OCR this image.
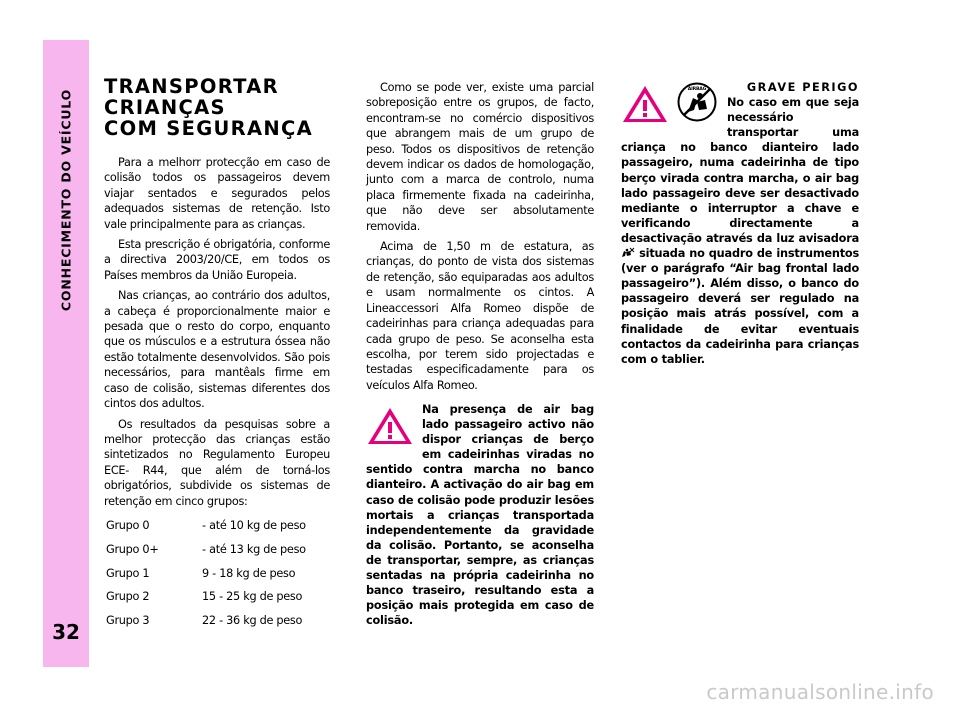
CONHECIMENTO DO VEÍCULO
32
TRANSPORTAR
CRIANÇAS
COM SEGURANÇA

Para a melhorr protecção em caso de colisão todos os passageiros devem viajar sentados e segurados pelos adequados sistemas de retenção. Isto vale principalmente para as crianças.

Esta prescrição é obrigatória, conforme a directiva 2003/20/CE, em todos os Países membros da União Europeia.

Nas crianças, ao contrário dos adultos, a cabeça é proporcionalmente maior e pesada que o resto do corpo, enquanto que os músculos e a estrutura óssea não estão totalmente desenvolvidos. São pois necessários, para mantêals firme em caso de colisão, sistemas diferentes dos cintos dos adultos.

Os resultados da pesquisas sobre a melhor protecção das crianças estão sintetizados no Regulamento Europeu ECE- R44, que além de torná-los obrigatórios, subdivide os sistemas de retenção em cinco grupos:

Grupo 0	- até 10 kg de peso
Grupo 0+	- até 13 kg de peso
Grupo 1	9 - 18 kg de peso
Grupo 2	15 - 25 kg de peso
Grupo 3	22 - 36 kg de peso

Como se pode ver, existe uma parcial sobreposição entre os grupos, de facto, encontram-se no comércio dispositivos que abrangem mais de um grupo de peso. Todos os dispositivos de retenção devem indicar os dados de homologação, junto com a marca de controlo, numa placa firmemente fixada na cadeirinha, que não deve ser absolutamente removida.

Acima de 1,50 m de estatura, as crianças, do ponto de vista dos sistemas de retenção, são equiparadas aos adultos e usam normalmente os cintos. A Lineaccessori Alfa Romeo dispõe de cadeirinhas para criança adequadas para cada grupo de peso. Se aconselha esta escolha, por terem sido projectadas e testadas especificadamente para os veículos Alfa Romeo.

Na presença de air bag lado passageiro activo não dispor crianças de berço em cadeirinhas viradas no sentido contra marcha no banco dianteiro. A activação do air bag em caso de colisão pode produzir lesões mortais a crianças transportada independentemente da gravidade da colisão. Portanto, se aconselha de transportar, sempre, as crianças sentadas na própria cadeirinha no banco traseiro, resultando esta a posição mais protegida em caso de colisão.
AIRBAG	GRAVE PERIGO
No caso em que seja necessário transportar uma criança no banco dianteiro lado passageiro, numa cadeirinha de tipo berço virada contra marcha, o air bag lado passageiro deve ser desactivado mediante o interruptor a chave e verificando directamente a desactivação através da luz avisadora  situada no quadro de instrumentos (ver o parágrafo “Air bag frontal lado passageiro”). Além disso, o banco do passageiro deverá ser regulado na posição mais atrás possível, com a finalidade de evitar eventuais contactos da cadeirinha para crianças com o tablier.
carmanualsonline.info
